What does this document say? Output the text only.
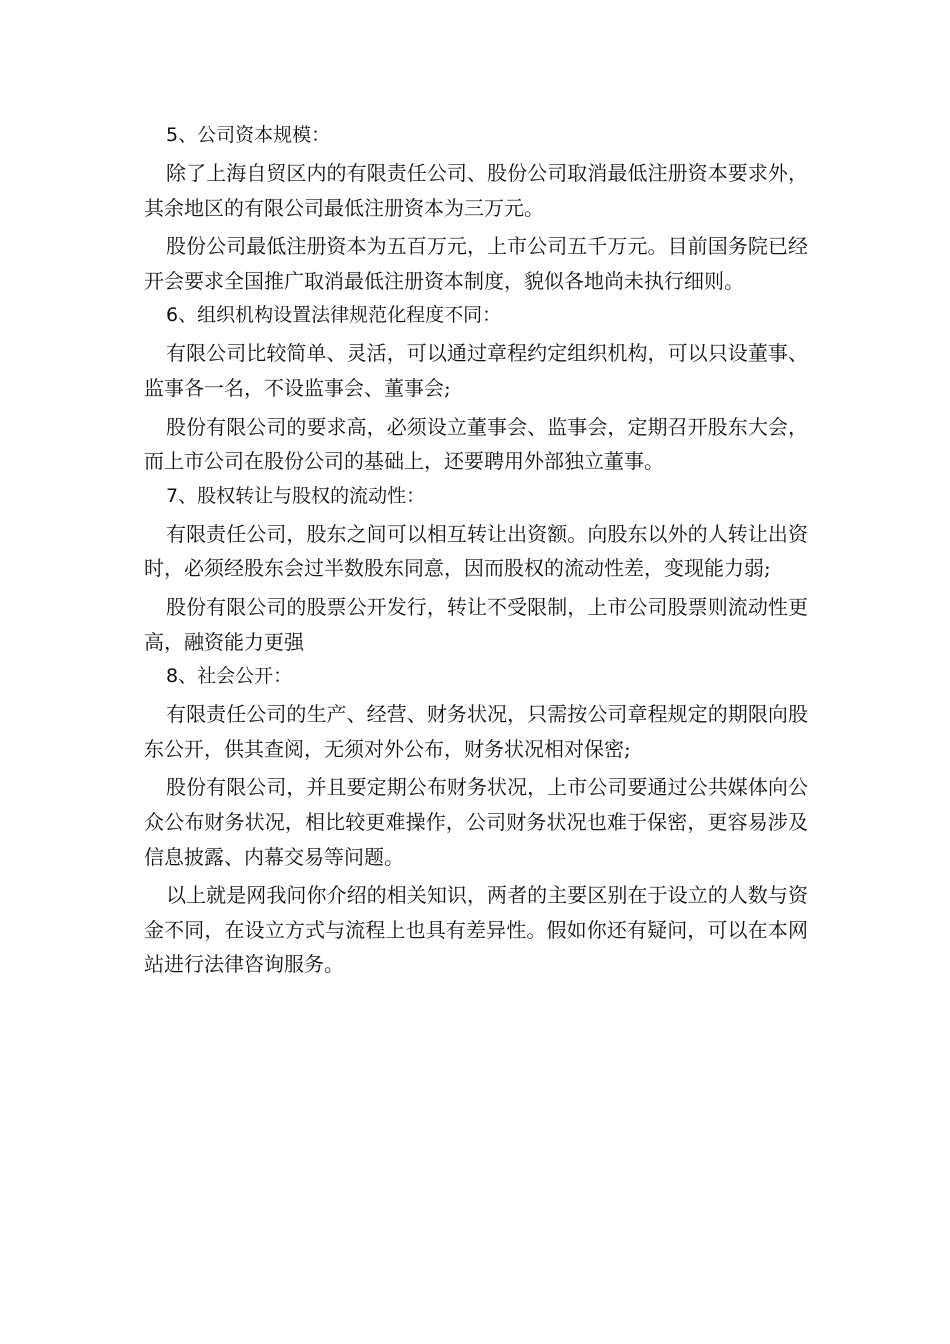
5、公司资本规模：

除了上海自贸区内的有限责任公司、股份公司取消最低注册资本要求外，其余地区的有限公司最低注册资本为三万元。

股份公司最低注册资本为五百万元，上市公司五千万元。目前国务院已经开会要求全国推广取消最低注册资本制度，貌似各地尚未执行细则。

6、组织机构设置法律规范化程度不同：

有限公司比较简单、灵活，可以通过章程约定组织机构，可以只设董事、监事各一名，不设监事会、董事会;

股份有限公司的要求高，必须设立董事会、监事会，定期召开股东大会，而上市公司在股份公司的基础上，还要聘用外部独立董事。

7、股权转让与股权的流动性：

有限责任公司，股东之间可以相互转让出资额。向股东以外的人转让出资时，必须经股东会过半数股东同意，因而股权的流动性差，变现能力弱;

股份有限公司的股票公开发行，转让不受限制，上市公司股票则流动性更高，融资能力更强

8、社会公开：

有限责任公司的生产、经营、财务状况，只需按公司章程规定的期限向股东公开，供其查阅，无须对外公布，财务状况相对保密;

股份有限公司，并且要定期公布财务状况，上市公司要通过公共媒体向公众公布财务状况，相比较更难操作，公司财务状况也难于保密，更容易涉及信息披露、内幕交易等问题。

以上就是网我问你介绍的相关知识，两者的主要区别在于设立的人数与资金不同，在设立方式与流程上也具有差异性。假如你还有疑问，可以在本网站进行法律咨询服务。
